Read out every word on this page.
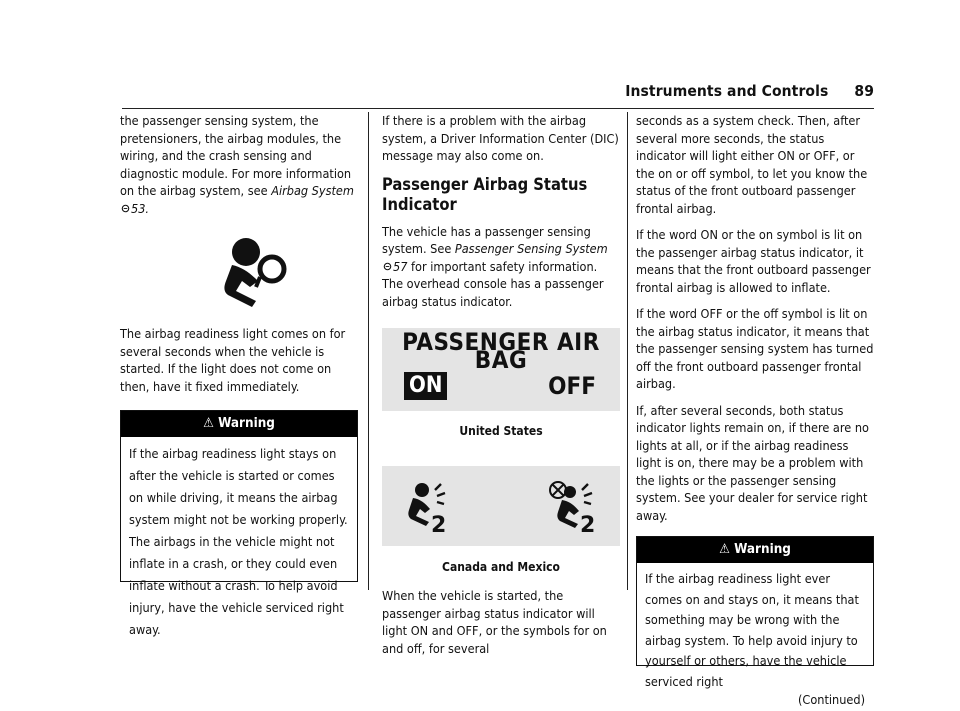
Instruments and Controls 89

the passenger sensing system, the pretensioners, the airbag modules, the wiring, and the crash sensing and diagnostic module. For more information on the airbag system, see Airbag System 53.

The airbag readiness light comes on for several seconds when the vehicle is started. If the light does not come on then, have it fixed immediately.

⚠ Warning
If the airbag readiness light stays on after the vehicle is started or comes on while driving, it means the airbag system might not be working properly. The airbags in the vehicle might not inflate in a crash, or they could even inflate without a crash. To help avoid injury, have the vehicle serviced right away.

If there is a problem with the airbag system, a Driver Information Center (DIC) message may also come on.

Passenger Airbag Status Indicator

The vehicle has a passenger sensing system. See Passenger Sensing System 57 for important safety information. The overhead console has a passenger airbag status indicator.

PASSENGER AIR BAG
ON	OFF
United States
2	2
Canada and Mexico

When the vehicle is started, the passenger airbag status indicator will light ON and OFF, or the symbols for on and off, for several

seconds as a system check. Then, after several more seconds, the status indicator will light either ON or OFF, or the on or off symbol, to let you know the status of the front outboard passenger frontal airbag.

If the word ON or the on symbol is lit on the passenger airbag status indicator, it means that the front outboard passenger frontal airbag is allowed to inflate.

If the word OFF or the off symbol is lit on the airbag status indicator, it means that the passenger sensing system has turned off the front outboard passenger frontal airbag.

If, after several seconds, both status indicator lights remain on, if there are no lights at all, or if the airbag readiness light is on, there may be a problem with the lights or the passenger sensing system. See your dealer for service right away.

⚠ Warning
If the airbag readiness light ever comes on and stays on, it means that something may be wrong with the airbag system. To help avoid injury to yourself or others, have the vehicle serviced right
(Continued)
